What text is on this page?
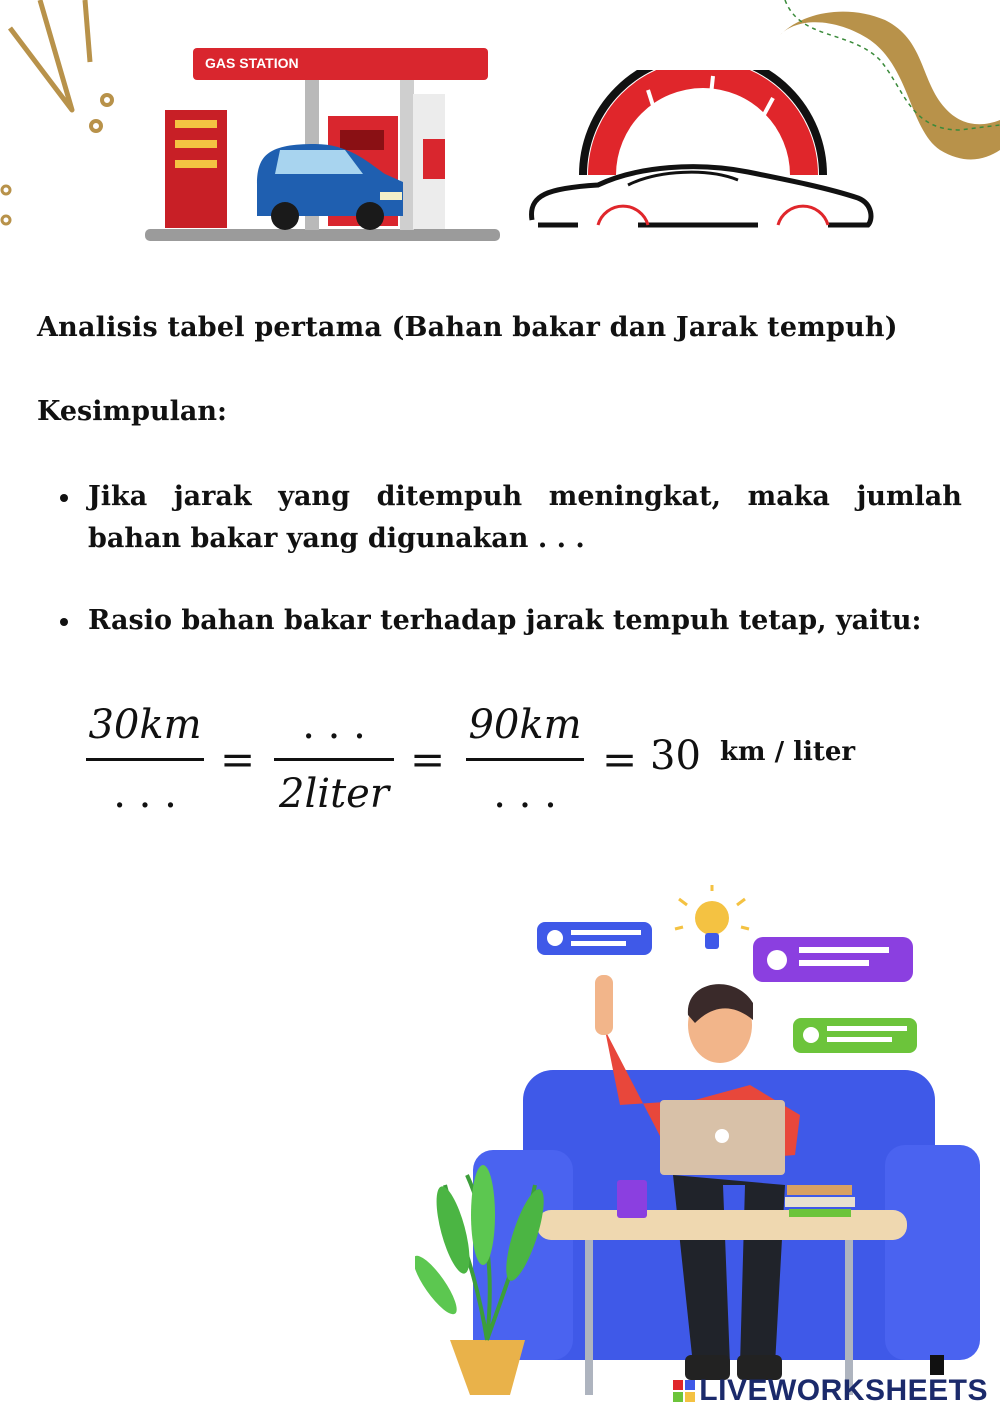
GAS STATION
Analisis tabel pertama (Bahan bakar dan Jarak tempuh)
Kesimpulan:
Jika jarak yang ditempuh meningkat, maka jumlah
bahan bakar yang digunakan . . .
Rasio bahan bakar terhadap jarak tempuh tetap, yaitu:
30km
. . .
=
. . .
2liter
=
90km
. . .
= 30 km / liter
LIVEWORKSHEETS
